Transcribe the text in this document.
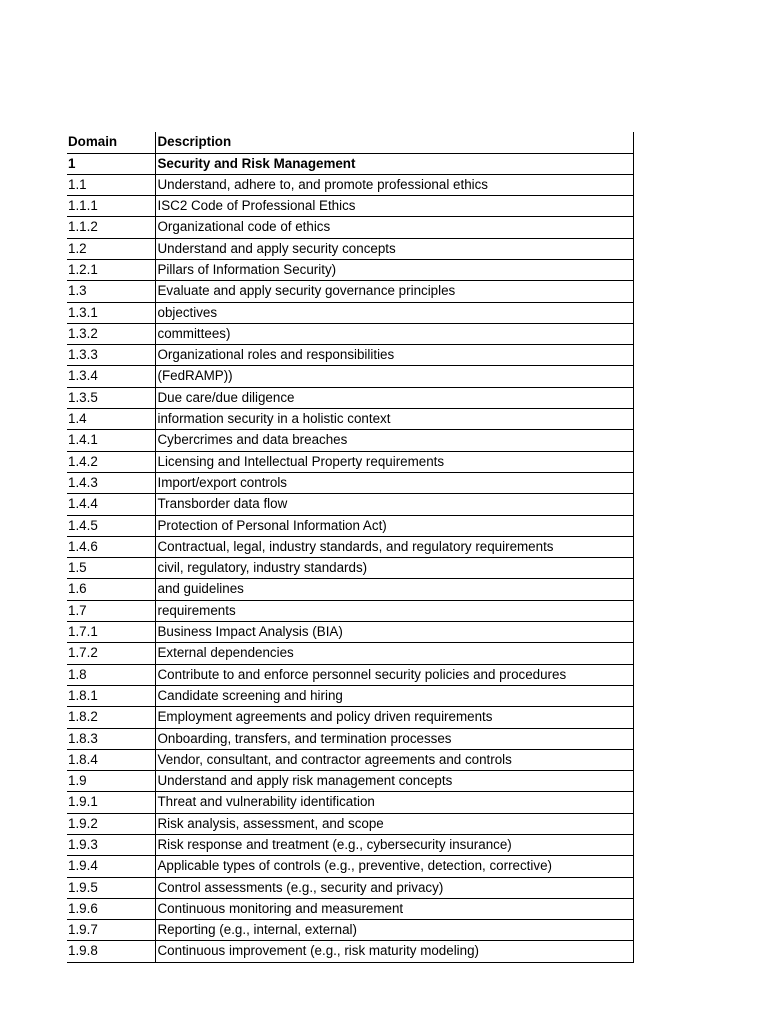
Domain	Description
1	Security and Risk Management
1.1	Understand, adhere to, and promote professional ethics
1.1.1	ISC2 Code of Professional Ethics
1.1.2	Organizational code of ethics
1.2	Understand and apply security concepts
1.2.1	Pillars of Information Security)
1.3	Evaluate and apply security governance principles
1.3.1	objectives
1.3.2	committees)
1.3.3	Organizational roles and responsibilities
1.3.4	(FedRAMP))
1.3.5	Due care/due diligence
1.4	information security in a holistic context
1.4.1	Cybercrimes and data breaches
1.4.2	Licensing and Intellectual Property requirements
1.4.3	Import/export controls
1.4.4	Transborder data flow
1.4.5	Protection of Personal Information Act)
1.4.6	Contractual, legal, industry standards, and regulatory requirements
1.5	civil, regulatory, industry standards)
1.6	and guidelines
1.7	requirements
1.7.1	Business Impact Analysis (BIA)
1.7.2	External dependencies
1.8	Contribute to and enforce personnel security policies and procedures
1.8.1	Candidate screening and hiring
1.8.2	Employment agreements and policy driven requirements
1.8.3	Onboarding, transfers, and termination processes
1.8.4	Vendor, consultant, and contractor agreements and controls
1.9	Understand and apply risk management concepts
1.9.1	Threat and vulnerability identification
1.9.2	Risk analysis, assessment, and scope
1.9.3	Risk response and treatment (e.g., cybersecurity insurance)
1.9.4	Applicable types of controls (e.g., preventive, detection, corrective)
1.9.5	Control assessments (e.g., security and privacy)
1.9.6	Continuous monitoring and measurement
1.9.7	Reporting (e.g., internal, external)
1.9.8	Continuous improvement (e.g., risk maturity modeling)
